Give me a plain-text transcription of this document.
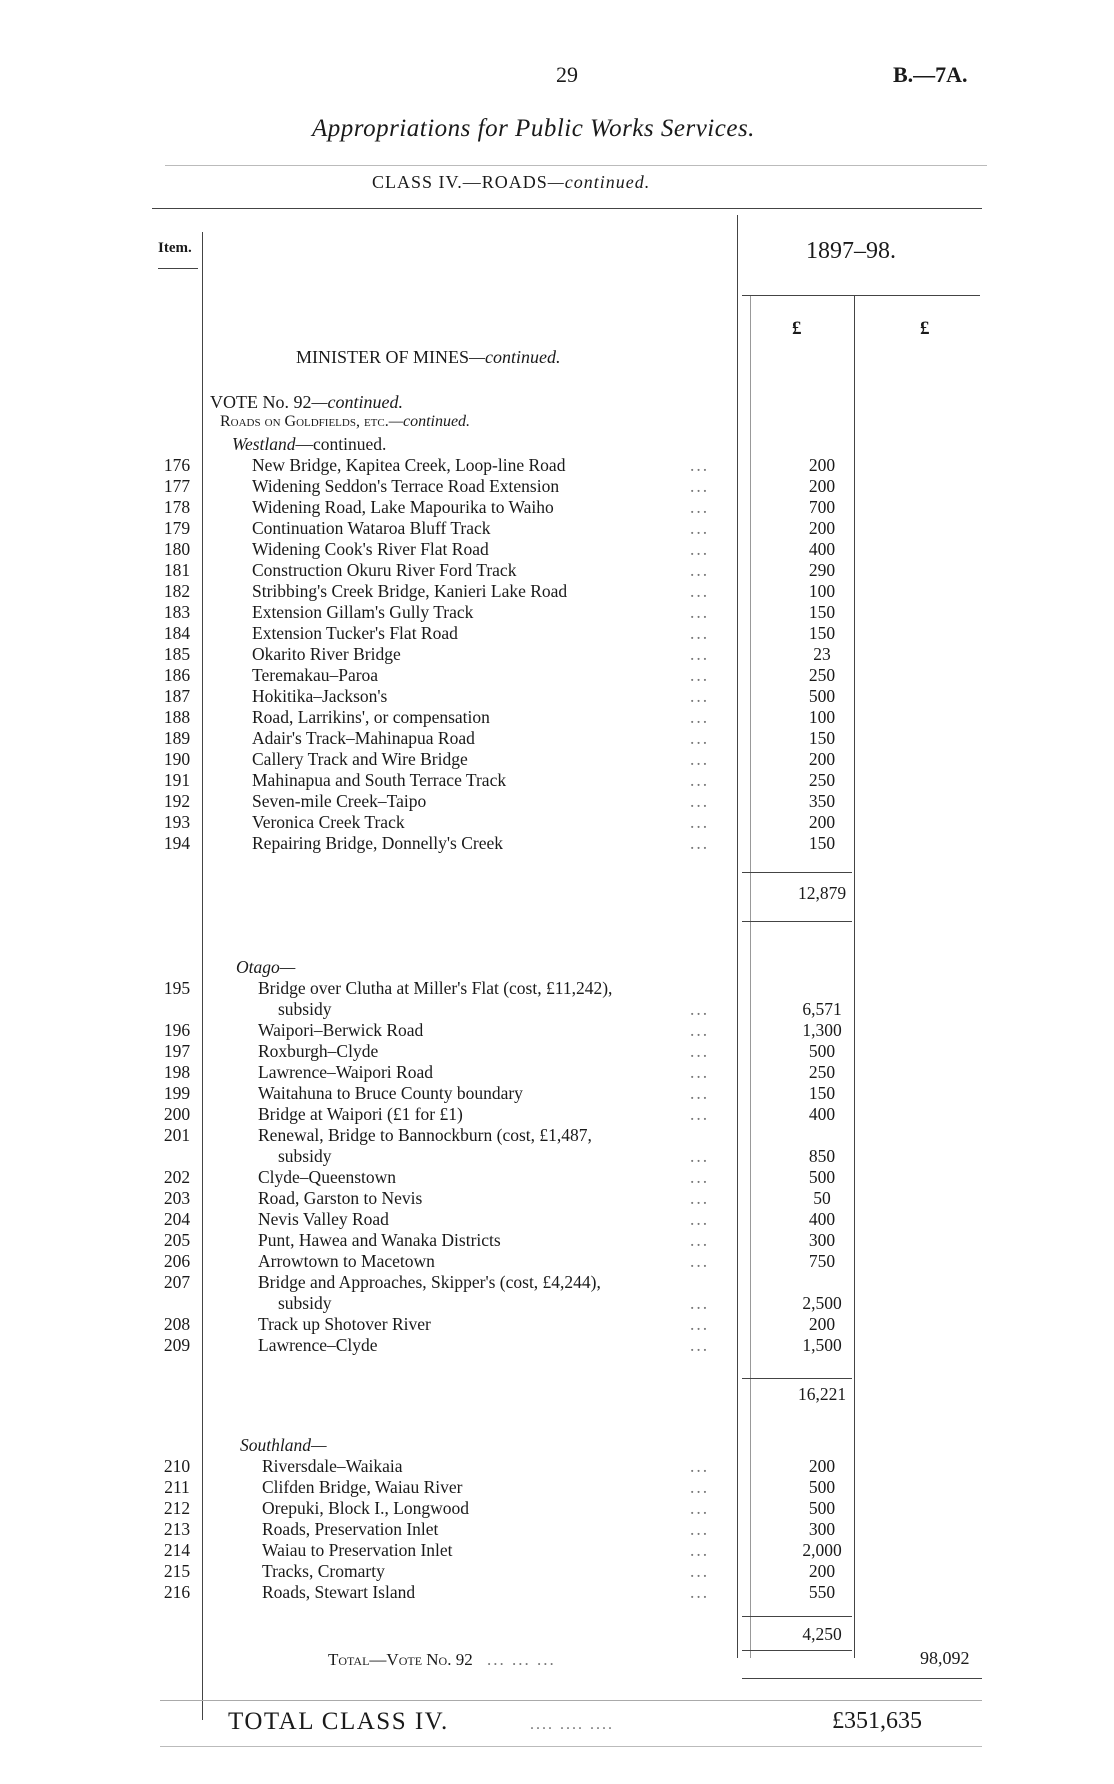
29	B.—7A.
Appropriations for Public Works Services.
CLASS IV.—ROADS—continued.
Item.	1897–98.
£	£
MINISTER OF MINES—continued.
VOTE No. 92—continued.
Roads on Goldfields, etc.—continued.
Westland—continued.
176	New Bridge, Kapitea Creek, Loop-line Road	...	200
177	Widening Seddon's Terrace Road Extension	...	200
178	Widening Road, Lake Mapourika to Waiho	...	700
179	Continuation Wataroa Bluff Track	...	200
180	Widening Cook's River Flat Road	...	400
181	Construction Okuru River Ford Track	...	290
182	Stribbing's Creek Bridge, Kanieri Lake Road	...	100
183	Extension Gillam's Gully Track	...	150
184	Extension Tucker's Flat Road	...	150
185	Okarito River Bridge	...	23
186	Teremakau–Paroa	...	250
187	Hokitika–Jackson's	...	500
188	Road, Larrikins', or compensation	...	100
189	Adair's Track–Mahinapua Road	...	150
190	Callery Track and Wire Bridge	...	200
191	Mahinapua and South Terrace Track	...	250
192	Seven-mile Creek–Taipo	...	350
193	Veronica Creek Track	...	200
194	Repairing Bridge, Donnelly's Creek	...	150
12,879
Otago—
195	Bridge over Clutha at Miller's Flat (cost, £11,242),
subsidy	...	6,571
196	Waipori–Berwick Road	...	1,300
197	Roxburgh–Clyde	...	500
198	Lawrence–Waipori Road	...	250
199	Waitahuna to Bruce County boundary	...	150
200	Bridge at Waipori (£1 for £1)	...	400
201	Renewal, Bridge to Bannockburn (cost, £1,487,
subsidy	...	850
202	Clyde–Queenstown	...	500
203	Road, Garston to Nevis	...	50
204	Nevis Valley Road	...	400
205	Punt, Hawea and Wanaka Districts	...	300
206	Arrowtown to Macetown	...	750
207	Bridge and Approaches, Skipper's (cost, £4,244),
subsidy	...	2,500
208	Track up Shotover River	...	200
209	Lawrence–Clyde	...	1,500
16,221
Southland—
210	Riversdale–Waikaia	...	200
211	Clifden Bridge, Waiau River	...	500
212	Orepuki, Block I., Longwood	...	500
213	Roads, Preservation Inlet	...	300
214	Waiau to Preservation Inlet	...	2,000
215	Tracks, Cromarty	...	200
216	Roads, Stewart Island	...	550
4,250
Total—Vote No. 92 ... ... ...	98,092
TOTAL CLASS IV.	.... .... ....	£351,635
